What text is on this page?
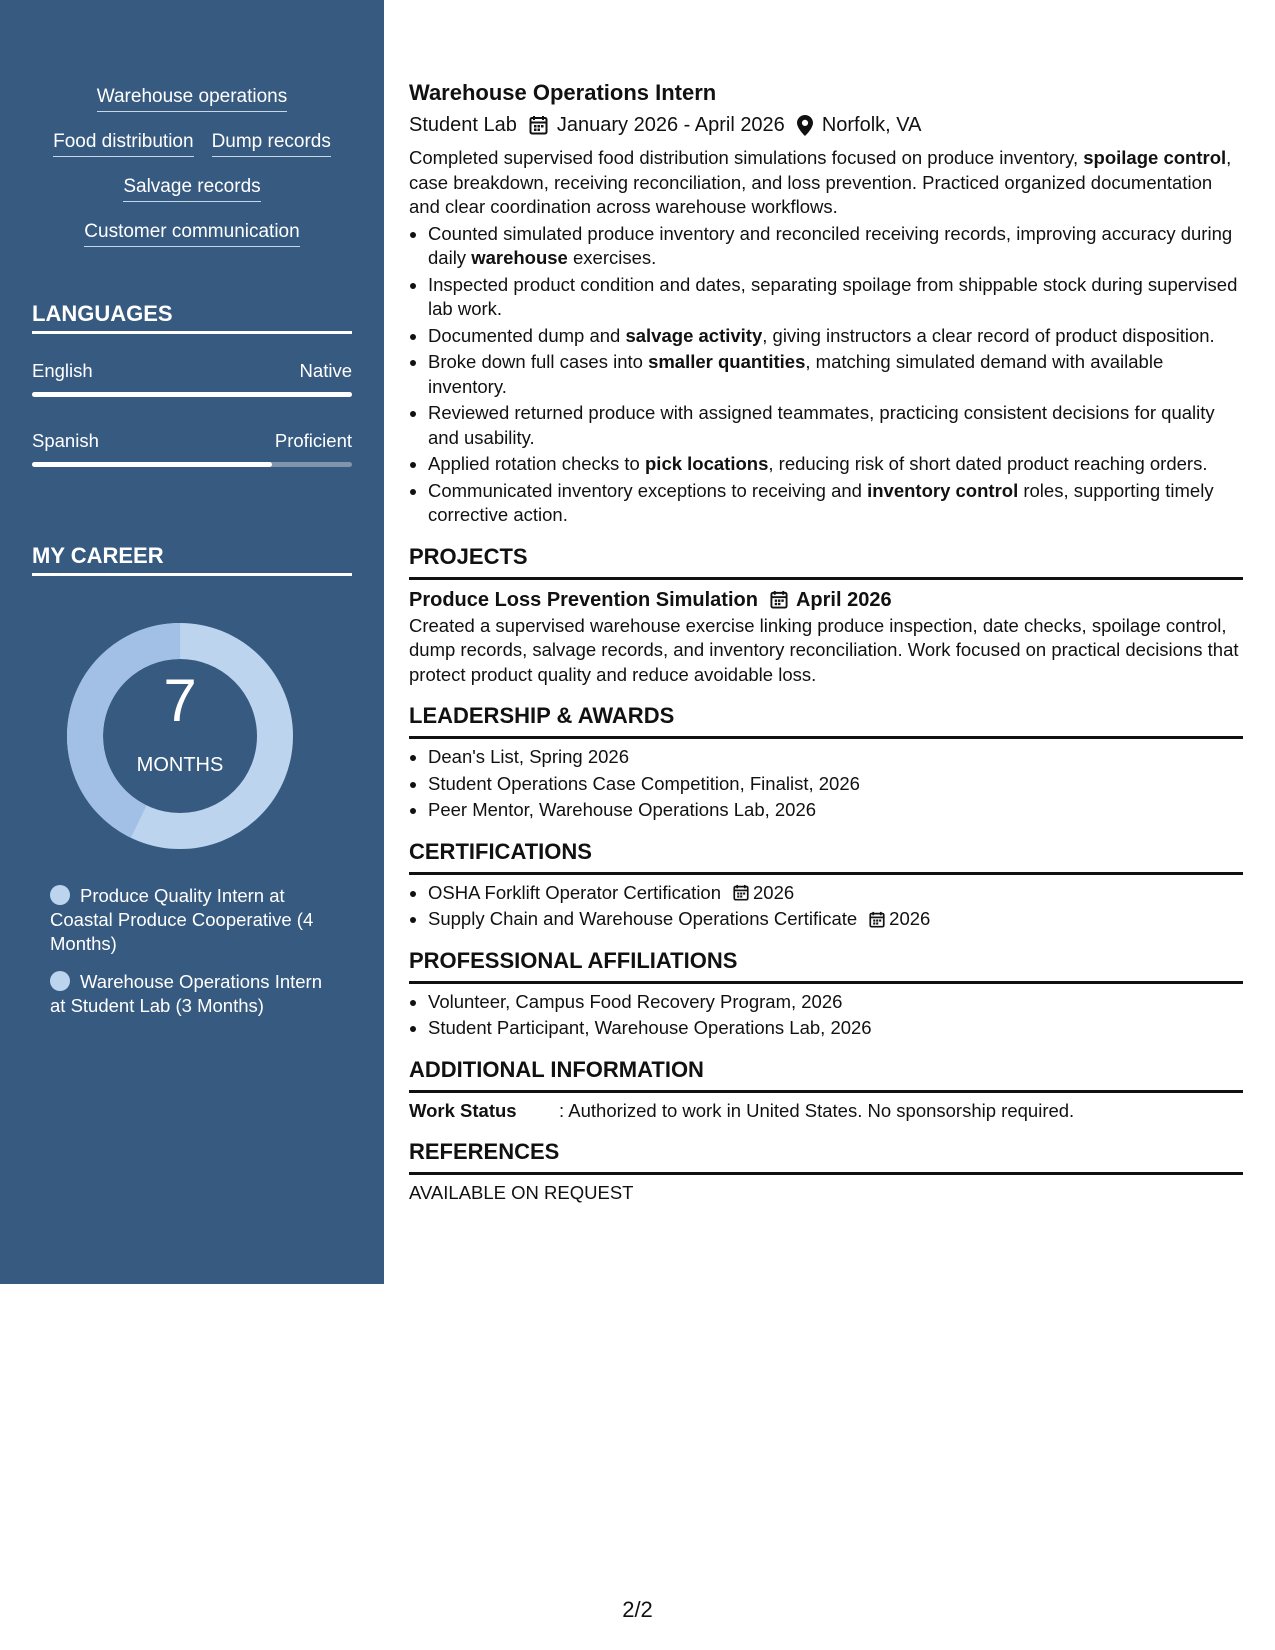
Warehouse operations
Food distribution Dump records
Salvage records
Customer communication
LANGUAGES
English	Native
Spanish	Proficient
MY CAREER
7
MONTHS
Produce Quality Intern at Coastal Produce Cooperative (4 Months)
Warehouse Operations Intern at Student Lab (3 Months)
Warehouse Operations Intern
Student Lab January 2026 - April 2026 Norfolk, VA
Completed supervised food distribution simulations focused on produce inventory, spoilage control, case breakdown, receiving reconciliation, and loss prevention. Practiced organized documentation and clear coordination across warehouse workflows.
• Counted simulated produce inventory and reconciled receiving records, improving accuracy during daily warehouse exercises.
• Inspected product condition and dates, separating spoilage from shippable stock during supervised lab work.
• Documented dump and salvage activity, giving instructors a clear record of product disposition.
• Broke down full cases into smaller quantities, matching simulated demand with available inventory.
• Reviewed returned produce with assigned teammates, practicing consistent decisions for quality and usability.
• Applied rotation checks to pick locations, reducing risk of short dated product reaching orders.
• Communicated inventory exceptions to receiving and inventory control roles, supporting timely corrective action.
PROJECTS
Produce Loss Prevention Simulation April 2026
Created a supervised warehouse exercise linking produce inspection, date checks, spoilage control, dump records, salvage records, and inventory reconciliation. Work focused on practical decisions that protect product quality and reduce avoidable loss.
LEADERSHIP & AWARDS
• Dean's List, Spring 2026
• Student Operations Case Competition, Finalist, 2026
• Peer Mentor, Warehouse Operations Lab, 2026
CERTIFICATIONS
• OSHA Forklift Operator Certification 2026
• Supply Chain and Warehouse Operations Certificate 2026
PROFESSIONAL AFFILIATIONS
• Volunteer, Campus Food Recovery Program, 2026
• Student Participant, Warehouse Operations Lab, 2026
ADDITIONAL INFORMATION
Work Status	: Authorized to work in United States. No sponsorship required.
REFERENCES
AVAILABLE ON REQUEST
2/2
